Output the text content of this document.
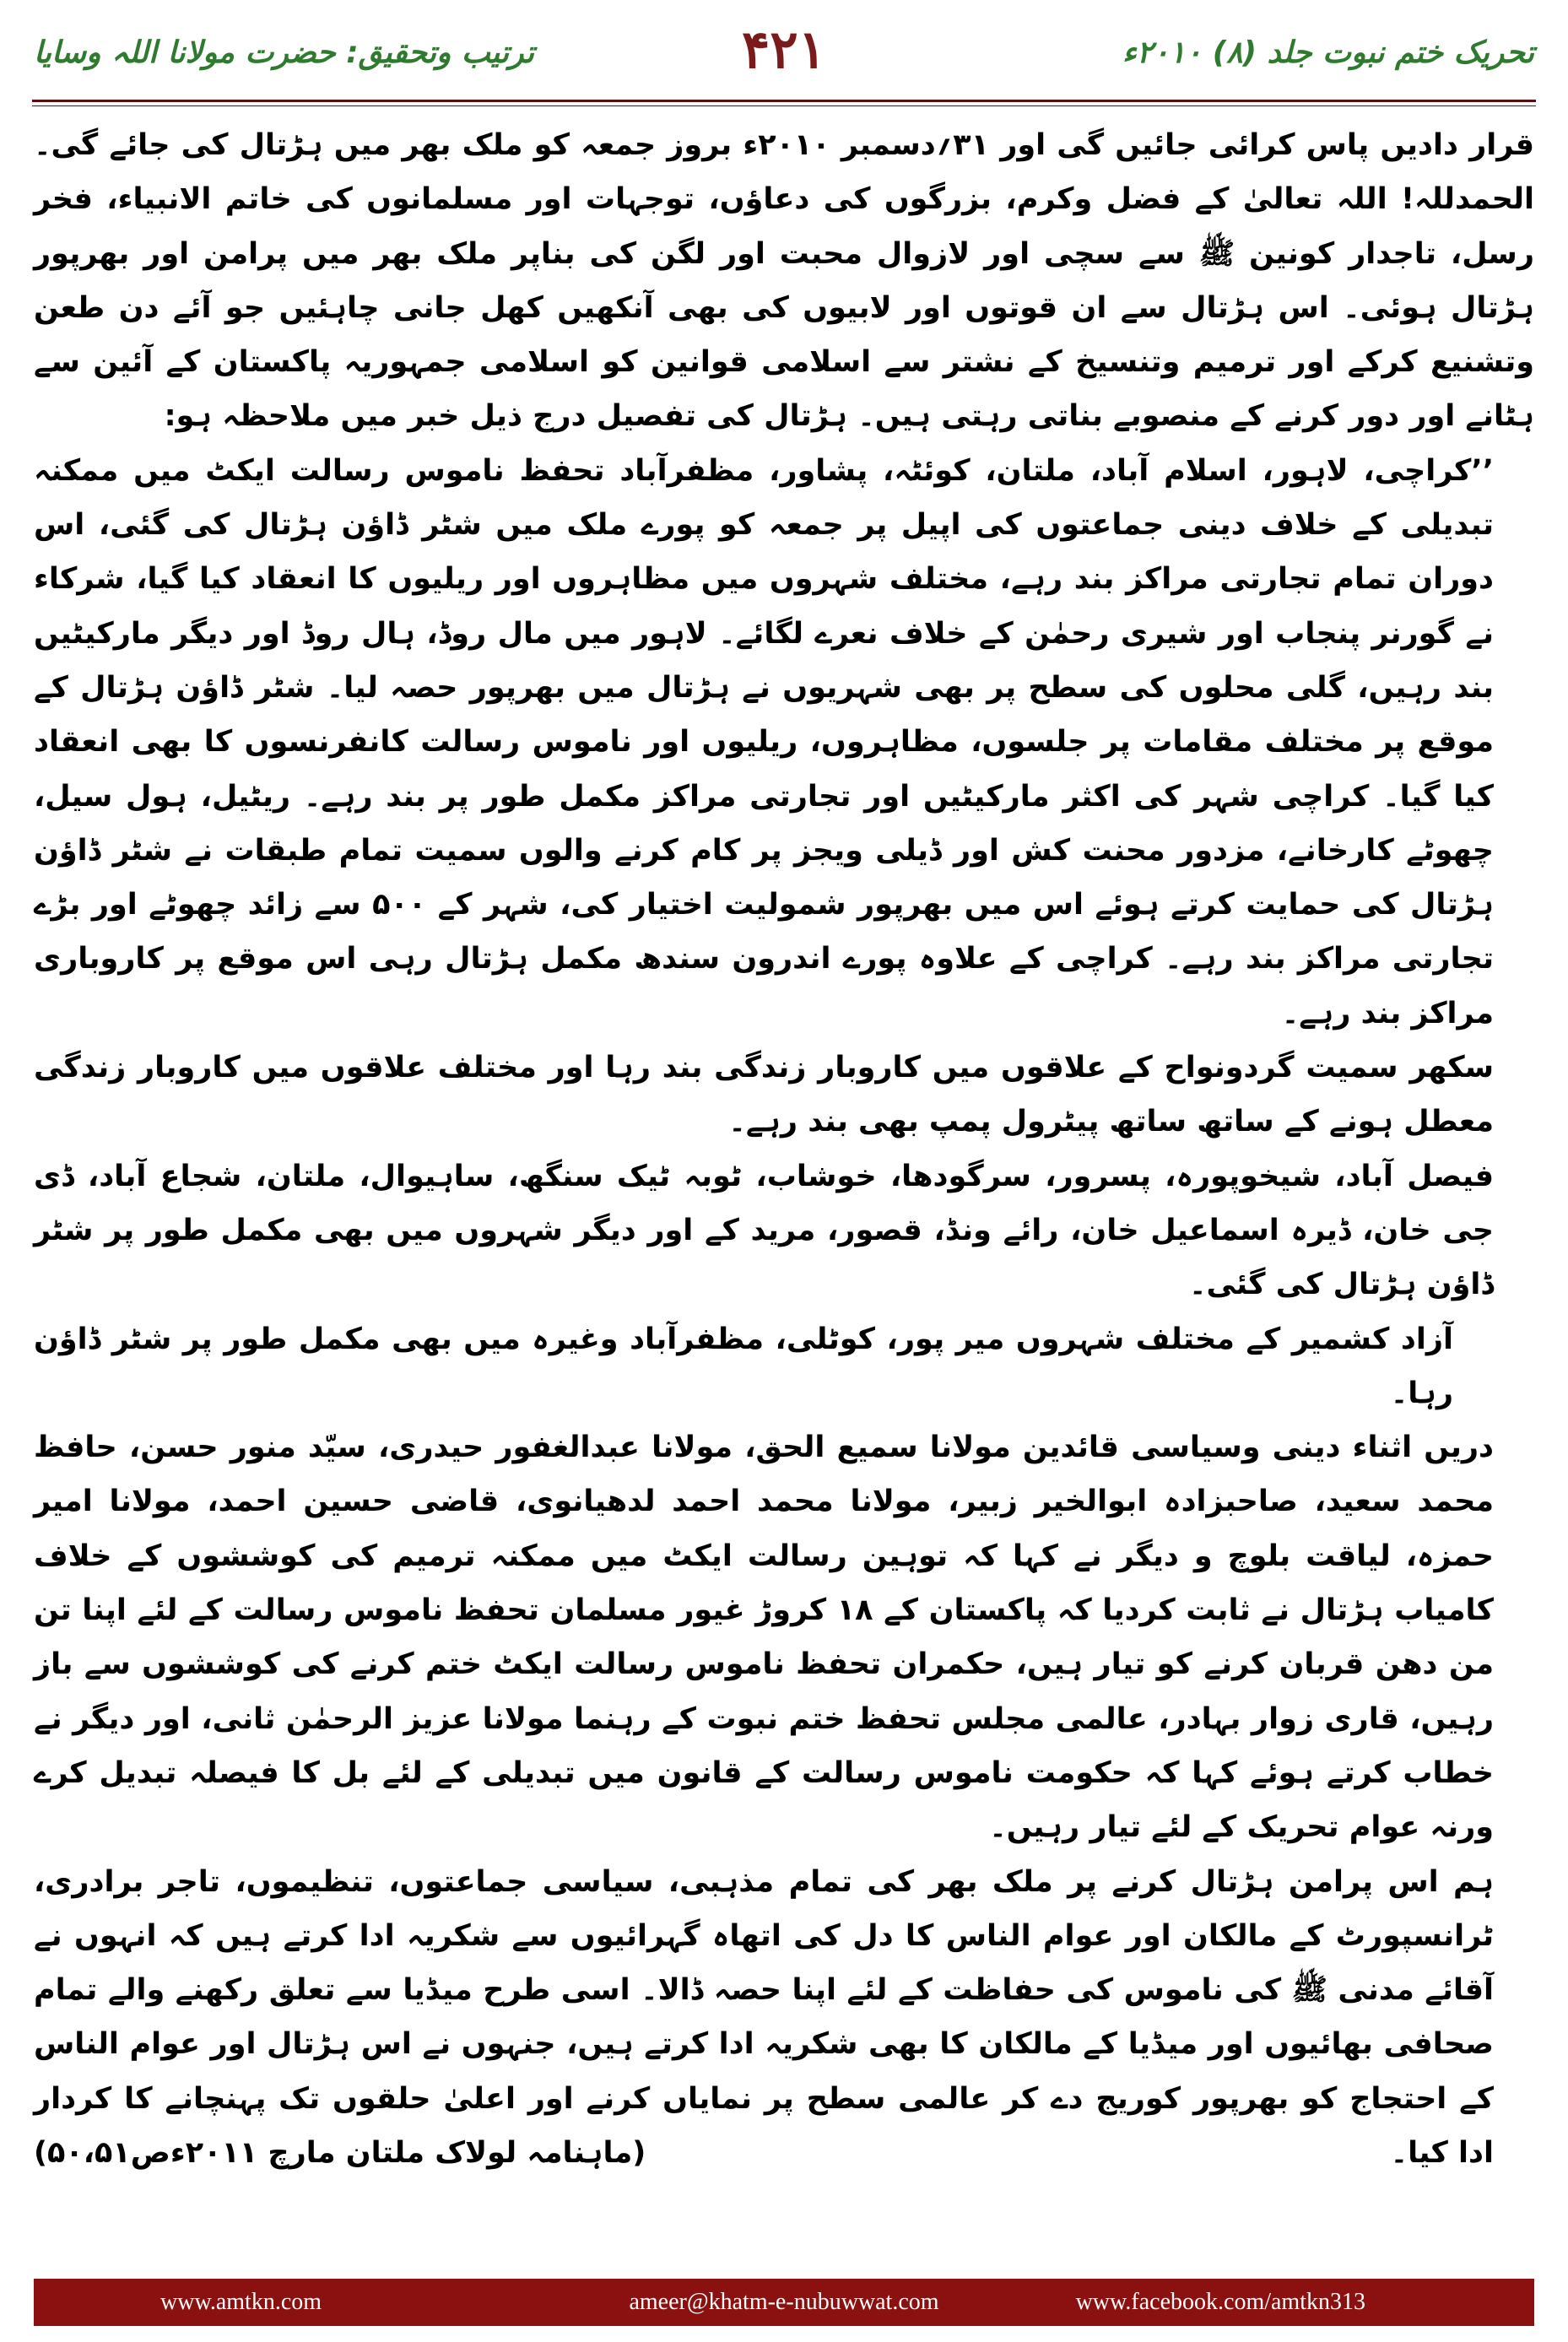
تحریک ختم نبوت جلد (۸) ۲۰۱۰ء
۴۲۱
ترتیب وتحقیق: حضرت مولانا اللہ وسایا

قرار دادیں پاس کرائی جائیں گی اور ۳۱؍دسمبر ۲۰۱۰ء بروز جمعہ کو ملک بھر میں ہڑتال کی جائے گی۔ الحمدللہ! اللہ تعالیٰ کے فضل وکرم، بزرگوں کی دعاؤں، توجہات اور مسلمانوں کی خاتم الانبیاء، فخر رسل، تاجدار کونین ﷺ سے سچی اور لازوال محبت اور لگن کی بناپر ملک بھر میں پرامن اور بھرپور ہڑتال ہوئی۔ اس ہڑتال سے ان قوتوں اور لابیوں کی بھی آنکھیں کھل جانی چاہئیں جو آئے دن طعن وتشنیع کرکے اور ترمیم وتنسیخ کے نشتر سے اسلامی قوانین کو اسلامی جمہوریہ پاکستان کے آئین سے ہٹانے اور دور کرنے کے منصوبے بناتی رہتی ہیں۔ ہڑتال کی تفصیل درج ذیل خبر میں ملاحظہ ہو:

’’کراچی، لاہور، اسلام آباد، ملتان، کوئٹہ، پشاور، مظفرآباد تحفظ ناموس رسالت ایکٹ میں ممکنہ تبدیلی کے خلاف دینی جماعتوں کی اپیل پر جمعہ کو پورے ملک میں شٹر ڈاؤن ہڑتال کی گئی، اس دوران تمام تجارتی مراکز بند رہے، مختلف شہروں میں مظاہروں اور ریلیوں کا انعقاد کیا گیا، شرکاء نے گورنر پنجاب اور شیری رحمٰن کے خلاف نعرے لگائے۔ لاہور میں مال روڈ، ہال روڈ اور دیگر مارکیٹیں بند رہیں، گلی محلوں کی سطح پر بھی شہریوں نے ہڑتال میں بھرپور حصہ لیا۔ شٹر ڈاؤن ہڑتال کے موقع پر مختلف مقامات پر جلسوں، مظاہروں، ریلیوں اور ناموس رسالت کانفرنسوں کا بھی انعقاد کیا گیا۔ کراچی شہر کی اکثر مارکیٹیں اور تجارتی مراکز مکمل طور پر بند رہے۔ ریٹیل، ہول سیل، چھوٹے کارخانے، مزدور محنت کش اور ڈیلی ویجز پر کام کرنے والوں سمیت تمام طبقات نے شٹر ڈاؤن ہڑتال کی حمایت کرتے ہوئے اس میں بھرپور شمولیت اختیار کی، شہر کے ۵۰۰ سے زائد چھوٹے اور بڑے تجارتی مراکز بند رہے۔ کراچی کے علاوہ پورے اندرون سندھ مکمل ہڑتال رہی اس موقع پر کاروباری مراکز بند رہے۔

سکھر سمیت گردونواح کے علاقوں میں کاروبار زندگی بند رہا اور مختلف علاقوں میں کاروبار زندگی معطل ہونے کے ساتھ ساتھ پیٹرول پمپ بھی بند رہے۔

فیصل آباد، شیخوپورہ، پسرور، سرگودھا، خوشاب، ٹوبہ ٹیک سنگھ، ساہیوال، ملتان، شجاع آباد، ڈی جی خان، ڈیرہ اسماعیل خان، رائے ونڈ، قصور، مرید کے اور دیگر شہروں میں بھی مکمل طور پر شٹر ڈاؤن ہڑتال کی گئی۔

آزاد کشمیر کے مختلف شہروں میر پور، کوٹلی، مظفرآباد وغیرہ میں بھی مکمل طور پر شٹر ڈاؤن رہا۔

دریں اثناء دینی وسیاسی قائدین مولانا سمیع الحق، مولانا عبدالغفور حیدری، سیّد منور حسن، حافظ محمد سعید، صاحبزادہ ابوالخیر زبیر، مولانا محمد احمد لدھیانوی، قاضی حسین احمد، مولانا امیر حمزہ، لیاقت بلوچ و دیگر نے کہا کہ توہین رسالت ایکٹ میں ممکنہ ترمیم کی کوششوں کے خلاف کامیاب ہڑتال نے ثابت کردیا کہ پاکستان کے ۱۸ کروڑ غیور مسلمان تحفظ ناموس رسالت کے لئے اپنا تن من دھن قربان کرنے کو تیار ہیں، حکمران تحفظ ناموس رسالت ایکٹ ختم کرنے کی کوششوں سے باز رہیں، قاری زوار بہادر، عالمی مجلس تحفظ ختم نبوت کے رہنما مولانا عزیز الرحمٰن ثانی، اور دیگر نے خطاب کرتے ہوئے کہا کہ حکومت ناموس رسالت کے قانون میں تبدیلی کے لئے بل کا فیصلہ تبدیل کرے ورنہ عوام تحریک کے لئے تیار رہیں۔

ہم اس پرامن ہڑتال کرنے پر ملک بھر کی تمام مذہبی، سیاسی جماعتوں، تنظیموں، تاجر برادری، ٹرانسپورٹ کے مالکان اور عوام الناس کا دل کی اتھاہ گہرائیوں سے شکریہ ادا کرتے ہیں کہ انہوں نے آقائے مدنی ﷺ کی ناموس کی حفاظت کے لئے اپنا حصہ ڈالا۔ اسی طرح میڈیا سے تعلق رکھنے والے تمام صحافی بھائیوں اور میڈیا کے مالکان کا بھی شکریہ ادا کرتے ہیں، جنہوں نے اس ہڑتال اور عوام الناس کے احتجاج کو بھرپور کوریج دے کر عالمی سطح پر نمایاں کرنے اور اعلیٰ حلقوں تک پہنچانے کا کردار ادا کیا۔
(ماہنامہ لولاک ملتان مارچ ۲۰۱۱ءص۵۰،۵۱)

ameer@khatm-e-nubuwwat.com
www.amtkn.com	www.facebook.com/amtkn313
